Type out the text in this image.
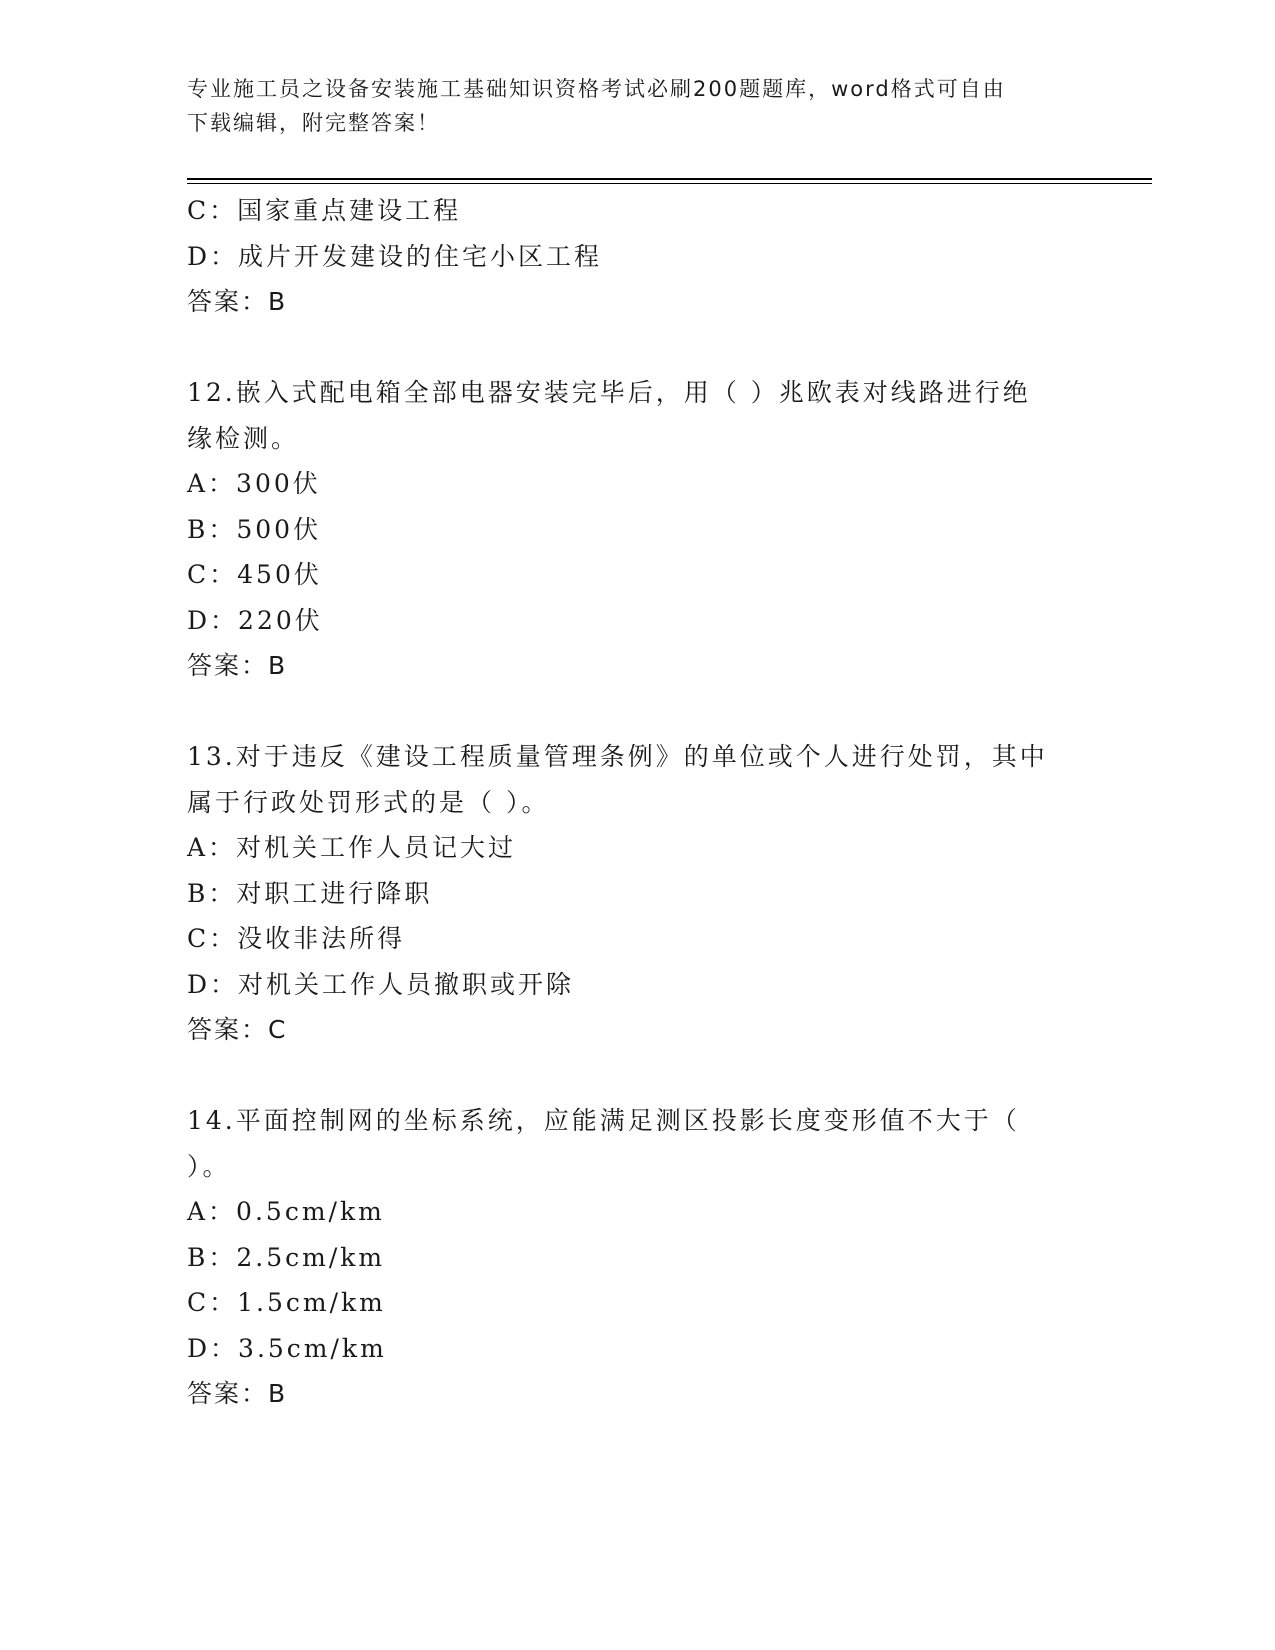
专业施工员之设备安装施工基础知识资格考试必刷200题题库，word格式可自由
下载编辑，附完整答案！
C：国家重点建设工程
D：成片开发建设的住宅小区工程
答案：B
12.嵌入式配电箱全部电器安装完毕后，用（ ）兆欧表对线路进行绝
缘检测。
A：300伏
B：500伏
C：450伏
D：220伏
答案：B
13.对于违反《建设工程质量管理条例》的单位或个人进行处罚，其中
属于行政处罚形式的是（ ）。
A：对机关工作人员记大过
B：对职工进行降职
C：没收非法所得
D：对机关工作人员撤职或开除
答案：C
14.平面控制网的坐标系统，应能满足测区投影长度变形值不大于（
）。
A：0.5cm/km
B：2.5cm/km
C：1.5cm/km
D：3.5cm/km
答案：B
